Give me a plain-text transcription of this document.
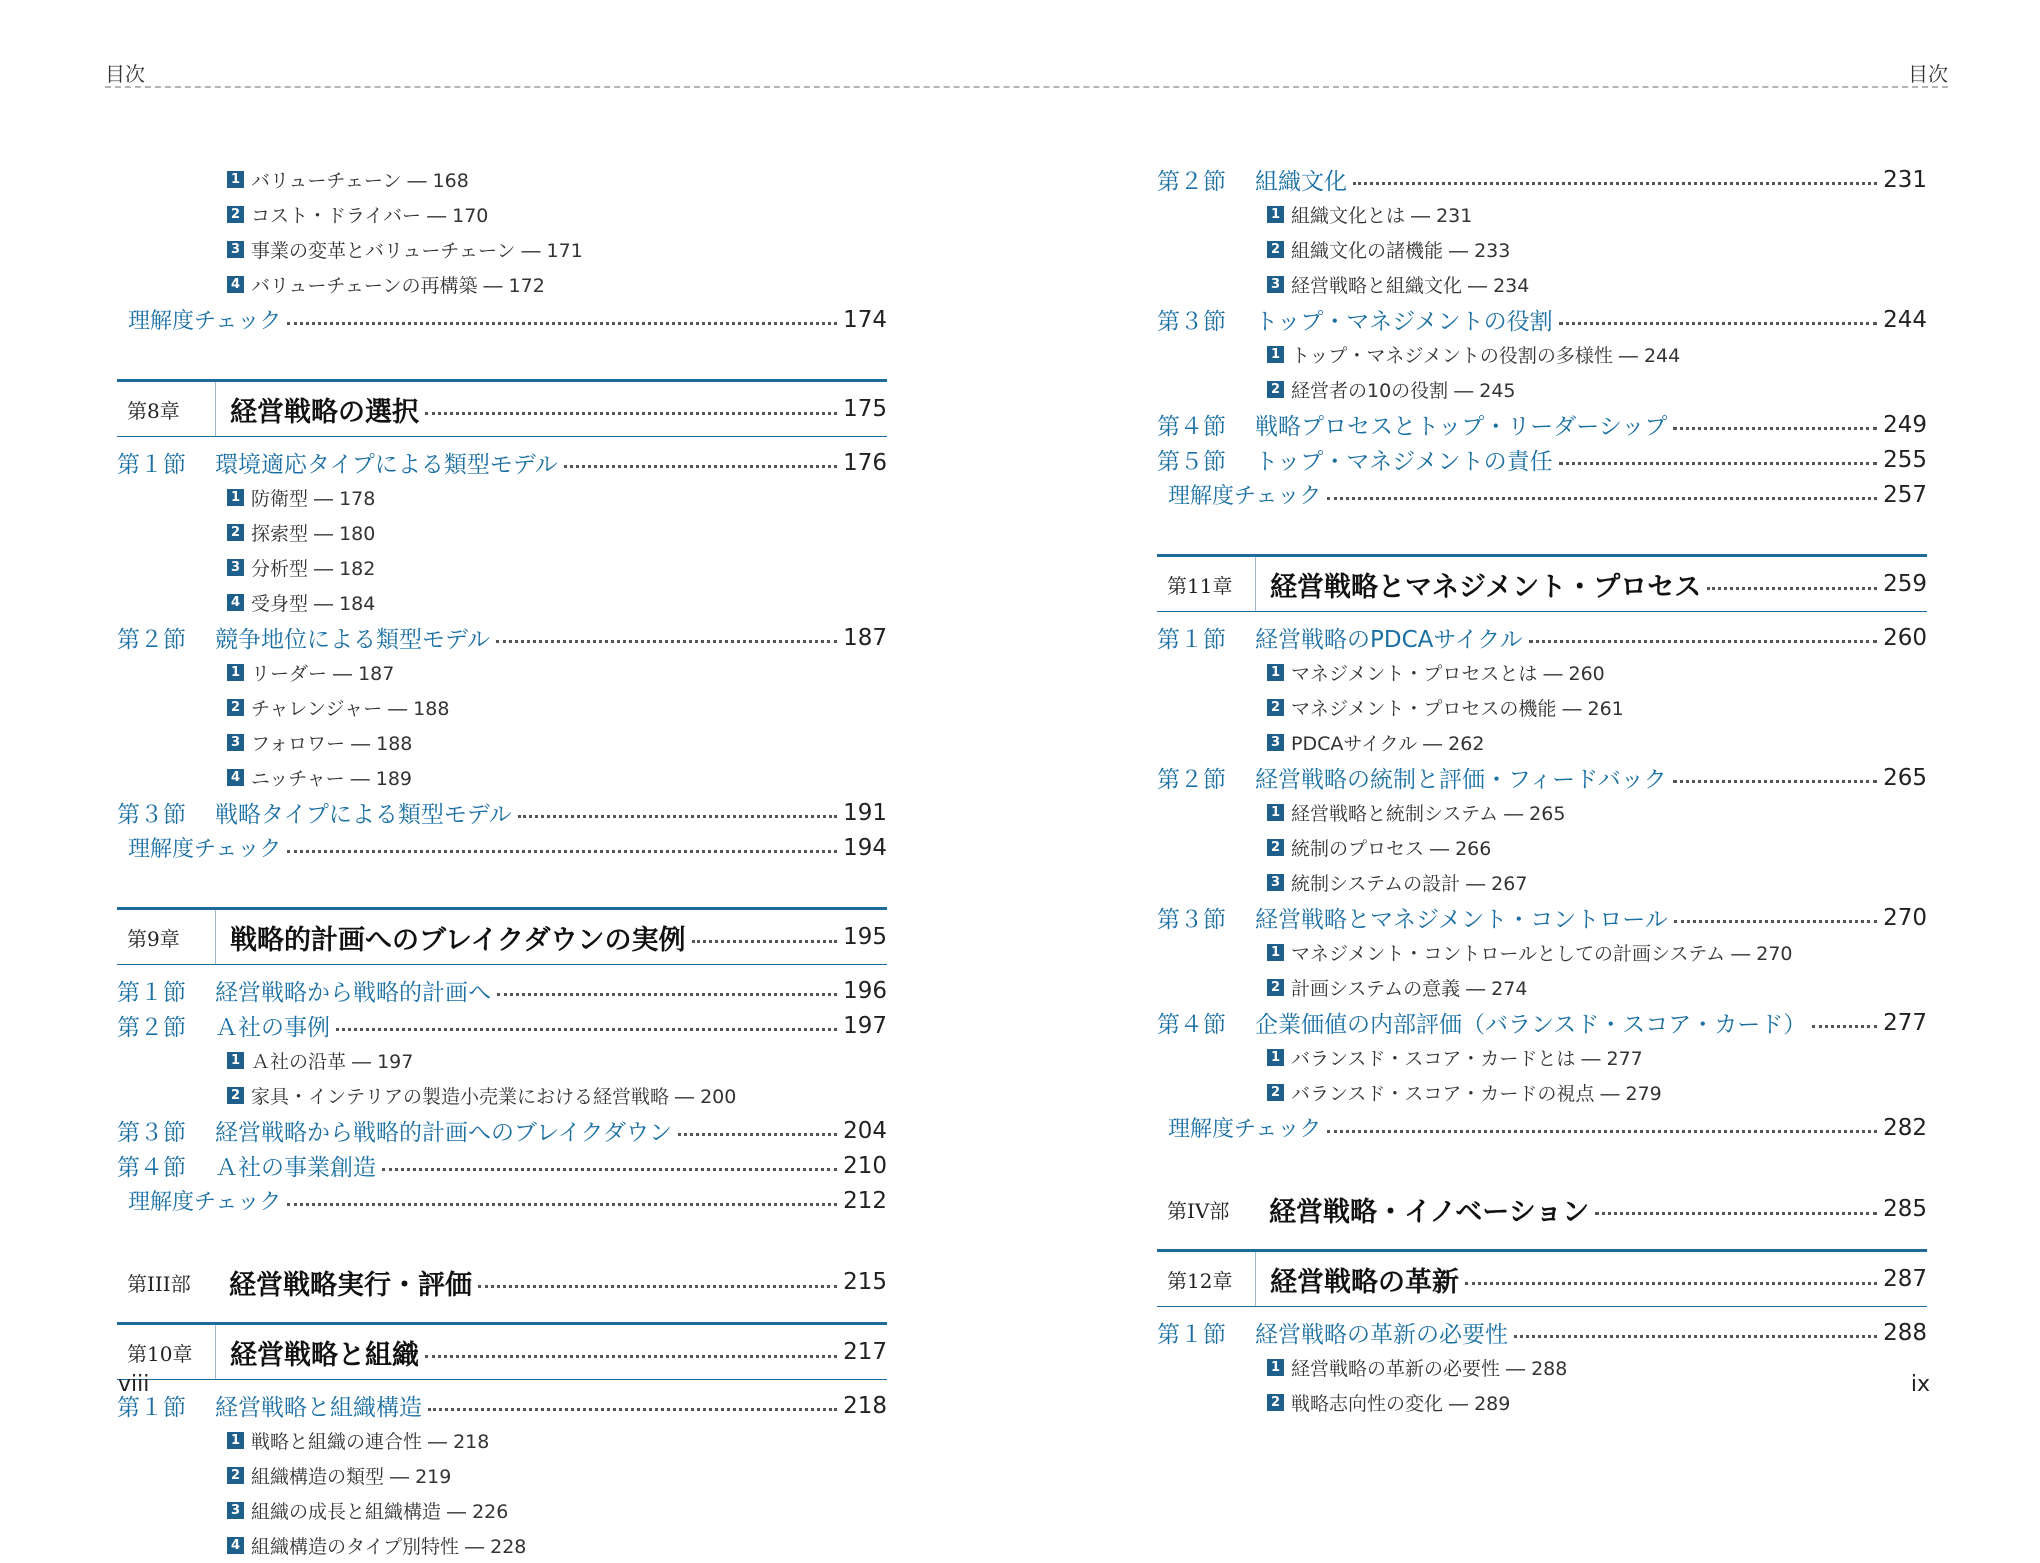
目次	目次
1 バリューチェーン ― 168
2 コスト・ドライバー ― 170
3 事業の変革とバリューチェーン ― 171
4 バリューチェーンの再構築 ― 172
理解度チェック	174
第8章	経営戦略の選択	175
第１節	環境適応タイプによる類型モデル	176
1 防衛型 ― 178
2 探索型 ― 180
3 分析型 ― 182
4 受身型 ― 184
第２節	競争地位による類型モデル	187
1 リーダー ― 187
2 チャレンジャー ― 188
3 フォロワー ― 188
4 ニッチャー ― 189
第３節	戦略タイプによる類型モデル	191
理解度チェック	194
第9章	戦略的計画へのブレイクダウンの実例	195
第１節	経営戦略から戦略的計画へ	196
第２節	Ａ社の事例	197
1 Ａ社の沿革 ― 197
2 家具・インテリアの製造小売業における経営戦略 ― 200
第３節	経営戦略から戦略的計画へのブレイクダウン	204
第４節	Ａ社の事業創造	210
理解度チェック	212
第III部	経営戦略実行・評価	215
第10章	経営戦略と組織	217
第１節	経営戦略と組織構造	218
1 戦略と組織の連合性 ― 218
2 組織構造の類型 ― 219
3 組織の成長と組織構造 ― 226
4 組織構造のタイプ別特性 ― 228
第２節	組織文化	231
1 組織文化とは ― 231
2 組織文化の諸機能 ― 233
3 経営戦略と組織文化 ― 234
第３節	トップ・マネジメントの役割	244
1 トップ・マネジメントの役割の多様性 ― 244
2 経営者の10の役割 ― 245
第４節	戦略プロセスとトップ・リーダーシップ	249
第５節	トップ・マネジメントの責任	255
理解度チェック	257
第11章	経営戦略とマネジメント・プロセス	259
第１節	経営戦略のPDCAサイクル	260
1 マネジメント・プロセスとは ― 260
2 マネジメント・プロセスの機能 ― 261
3 PDCAサイクル ― 262
第２節	経営戦略の統制と評価・フィードバック	265
1 経営戦略と統制システム ― 265
2 統制のプロセス ― 266
3 統制システムの設計 ― 267
第３節	経営戦略とマネジメント・コントロール	270
1 マネジメント・コントロールとしての計画システム ― 270
2 計画システムの意義 ― 274
第４節	企業価値の内部評価（バランスド・スコア・カード）	277
1 バランスド・スコア・カードとは ― 277
2 バランスド・スコア・カードの視点 ― 279
理解度チェック	282
第IV部	経営戦略・イノベーション	285
第12章	経営戦略の革新	287
第１節	経営戦略の革新の必要性	288
1 経営戦略の革新の必要性 ― 288
2 戦略志向性の変化 ― 289
viii	ix
